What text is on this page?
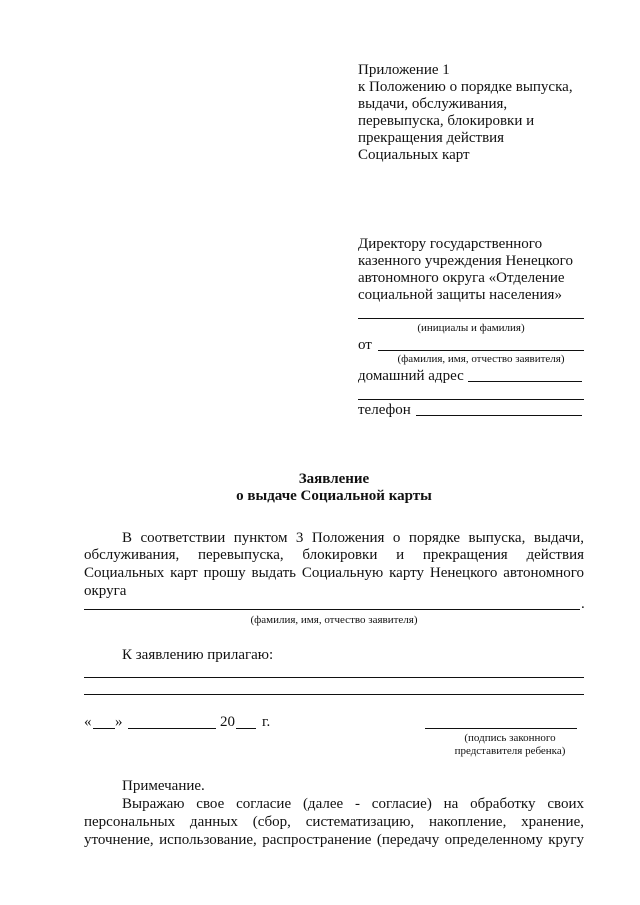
Приложение 1
к Положению о порядке выпуска,
выдачи, обслуживания,
перевыпуска, блокировки и
прекращения действия
Социальных карт
Директору государственного
казенного учреждения Ненецкого
автономного округа «Отделение
социальной защиты населения»
(инициалы и фамилия)
от
(фамилия, имя, отчество заявителя)
домашний адрес
телефон
Заявление
о выдаче Социальной карты
В соответствии пунктом 3 Положения о порядке выпуска, выдачи,
обслуживания, перевыпуска, блокировки и прекращения действия
Социальных карт прошу выдать Социальную карту Ненецкого автономного
округа
.
(фамилия, имя, отчество заявителя)
К заявлению прилагаю:
« »	20 г.
(подпись законного
представителя ребенка)
Примечание.
Выражаю свое согласие (далее - согласие) на обработку своих
персональных данных (сбор, систематизацию, накопление, хранение,
уточнение, использование, распространение (передачу определенному кругу
